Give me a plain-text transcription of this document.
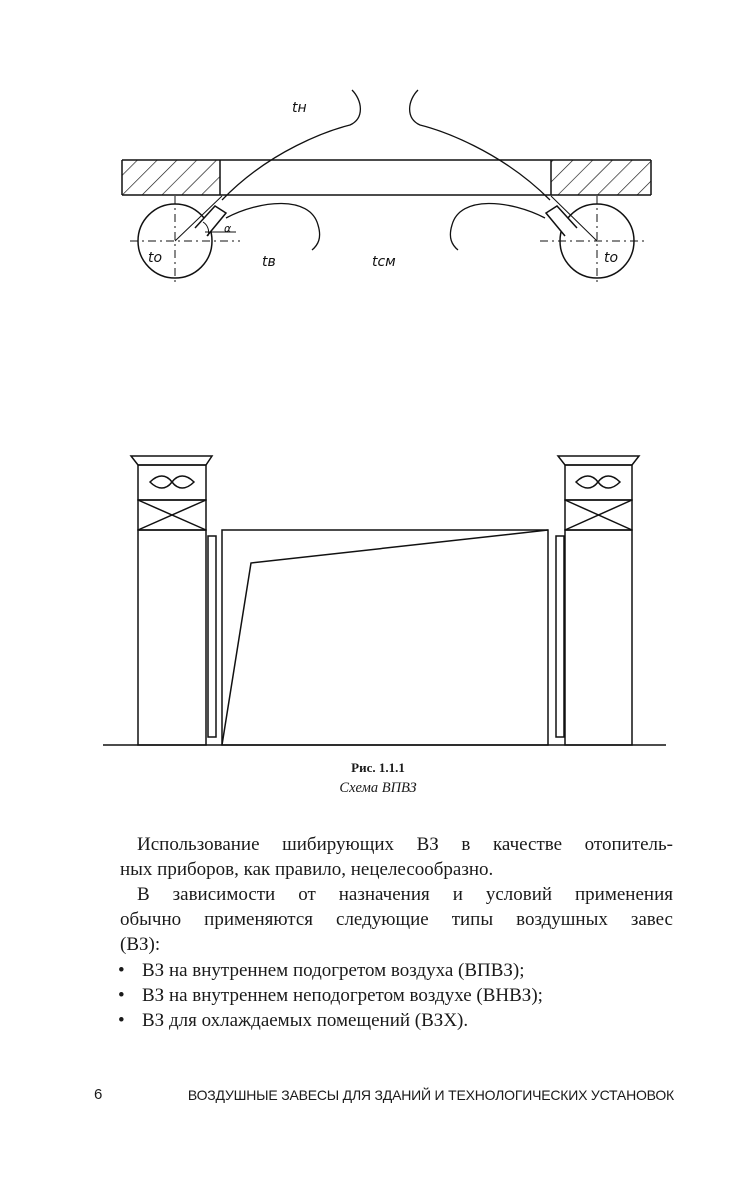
tн
tо	tо
tв	tсм
α
Рис. 1.1.1
Схема ВПВЗ
Использование шибирующих ВЗ в качестве отопитель-
ных приборов, как правило, нецелесообразно.
В зависимости от назначения и условий применения
обычно применяются следующие типы воздушных завес
(ВЗ):
• ВЗ на внутреннем подогретом воздуха (ВПВЗ);
• ВЗ на внутреннем неподогретом воздухе (ВНВЗ);
• ВЗ для охлаждаемых помещений (ВЗХ).
6	ВОЗДУШНЫЕ ЗАВЕСЫ ДЛЯ ЗДАНИЙ И ТЕХНОЛОГИЧЕСКИХ УСТАНОВОК
